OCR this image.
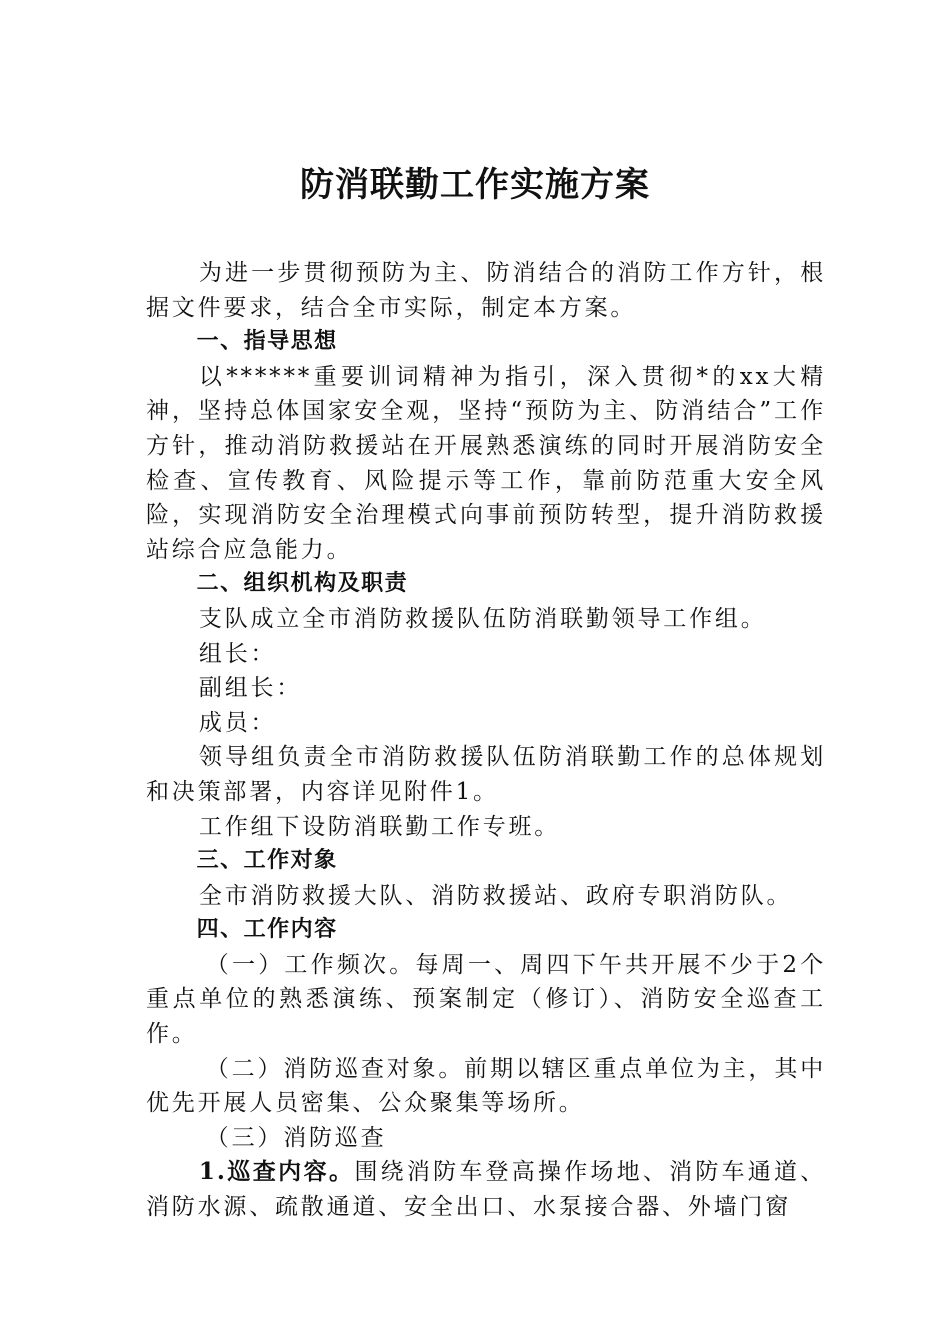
防消联勤工作实施方案

为进一步贯彻预防为主、防消结合的消防工作方针，根据文件要求，结合全市实际，制定本方案。

一、指导思想

以******重要训词精神为指引，深入贯彻*的xx大精神，坚持总体国家安全观，坚持“预防为主、防消结合”工作方针，推动消防救援站在开展熟悉演练的同时开展消防安全检查、宣传教育、风险提示等工作，靠前防范重大安全风险，实现消防安全治理模式向事前预防转型，提升消防救援站综合应急能力。

二、组织机构及职责

支队成立全市消防救援队伍防消联勤领导工作组。

组长：

副组长：

成员：

领导组负责全市消防救援队伍防消联勤工作的总体规划和决策部署，内容详见附件1。

工作组下设防消联勤工作专班。

三、工作对象

全市消防救援大队、消防救援站、政府专职消防队。

四、工作内容

（一）工作频次。每周一、周四下午共开展不少于2个重点单位的熟悉演练、预案制定（修订）、消防安全巡查工作。

（二）消防巡查对象。前期以辖区重点单位为主，其中优先开展人员密集、公众聚集等场所。

（三）消防巡查

1.巡查内容。围绕消防车登高操作场地、消防车通道、消防水源、疏散通道、安全出口、水泵接合器、外墙门窗
